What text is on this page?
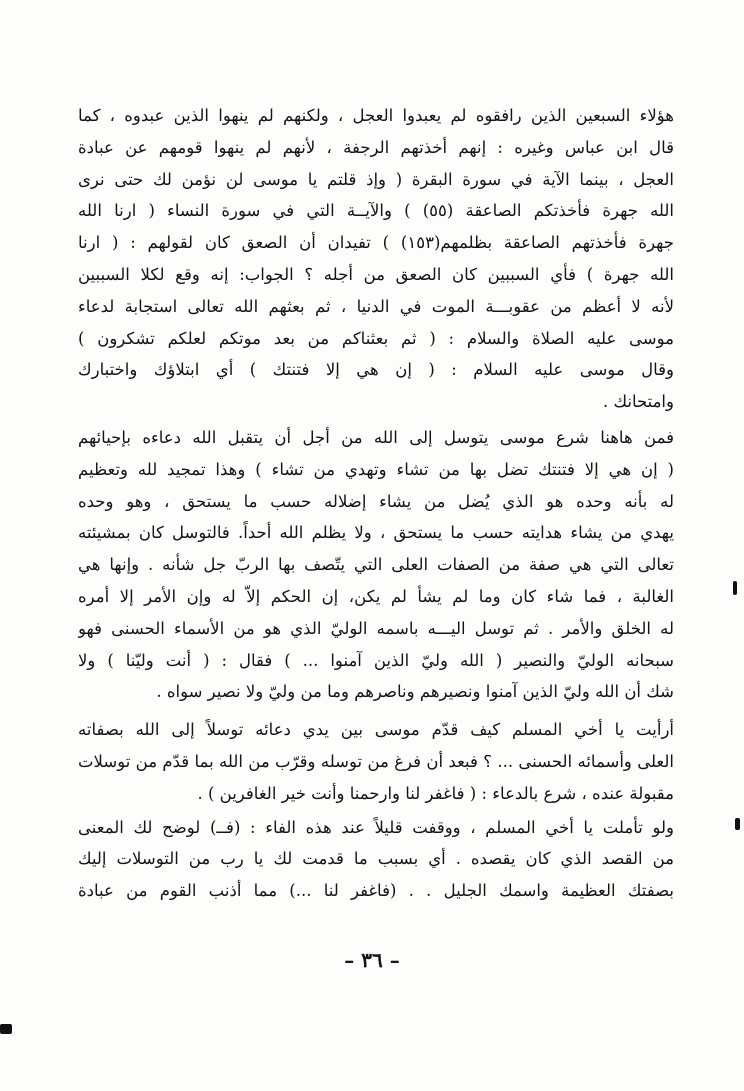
هؤلاء السبعين الذين رافقوه لم يعبدوا العجل ، ولكنهم لم ينهوا الذين عبدوه ، كما
قال ابن عباس وغيره : إنهم أخذتهم الرجفة ، لأنهم لم ينهوا قومهم عن عبادة
العجل ، بينما الآية في سورة البقرة ( وإذ قلتم يا موسى لن نؤمن لك حتى نرى
الله جهرة فأخذتكم الصاعقة (٥٥) ) والآيــة التي في سورة النساء ( ارنا الله
جهرة فأخذتهم الصاعقة بظلمهم(١٥٣) ) تفيدان أن الصعق كان لقولهم : ( ارنا
الله جهرة ) فأي السببين كان الصعق من أجله ؟ الجواب: إنه وقع لكلا السببين
لأنه لا أعظم من عقوبـــة الموت في الدنيا ، ثم بعثهم الله تعالى استجابة لدعاء
موسى عليه الصلاة والسلام : ( ثم بعثناكم من بعد موتكم لعلكم تشكرون )
وقال موسى عليه السلام : ( إن هي إلا فتنتك ) أي ابتلاؤك واختبارك
وامتحانك .
فمن هاهنا شرع موسى يتوسل إلى الله من أجل أن يتقبل الله دعاءه بإحيائهم
( إن هي إلا فتنتك تضل بها من تشاء وتهدي من تشاء ) وهذا تمجيد لله وتعظيم
له بأنه وحده هو الذي يُضل من يشاء إضلاله حسب ما يستحق ، وهو وحده
يهدي من يشاء هدايته حسب ما يستحق ، ولا يظلم الله أحداً. فالتوسل كان بمشيئته
تعالى التي هي صفة من الصفات العلى التي يتّصف بها الربّ جل شأنه . وإنها هي
الغالبة ، فما شاء كان وما لم يشأ لم يكن، إن الحكم إلاّ له وإن الأمر إلا أمره
له الخلق والأمر . ثم توسل اليـــه باسمه الوليّ الذي هو من الأسماء الحسنى فهو
سبحانه الوليّ والنصير ( الله وليّ الذين آمنوا ... ) فقال : ( أنت وليّنا ) ولا
شك أن الله وليّ الذين آمنوا ونصيرهم وناصرهم وما من وليّ ولا نصير سواه .
أرأيت يا أخي المسلم كيف قدّم موسى بين يدي دعائه توسلاً إلى الله بصفاته
العلى وأسمائه الحسنى ... ؟ فبعد أن فرغ من توسله وقرّب من الله بما قدّم من توسلات
مقبولة عنده ، شرع بالدعاء : ( فاغفر لنا وارحمنا وأنت خير الغافرين ) .
ولو تأملت يا أخي المسلم ، ووقفت قليلاً عند هذه الفاء : (فــ) لوضح لك المعنى
من القصد الذي كان يقصده . أي بسبب ما قدمت لك يا رب من التوسلات إليك
بصفتك العظيمة واسمك الجليل . . (فاغفر لنا ...) مما أذنب القوم من عبادة
– ٣٦ –
